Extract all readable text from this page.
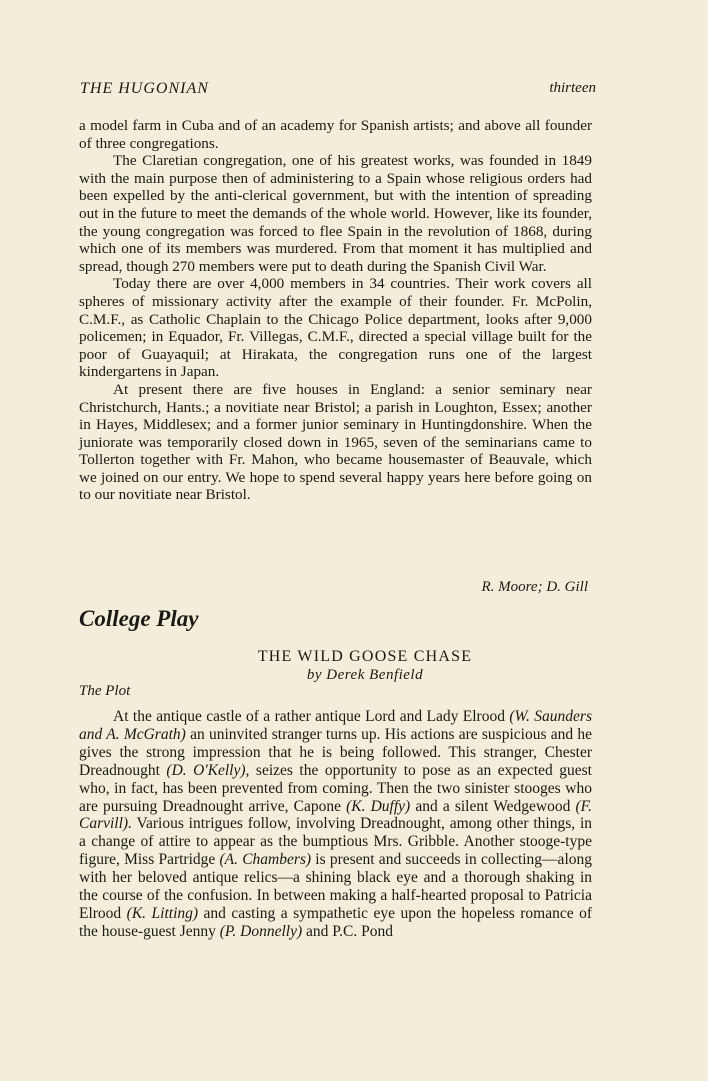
THE HUGONIAN	thirteen

a model farm in Cuba and of an academy for Spanish artists; and above all founder of three congregations.

The Claretian congregation, one of his greatest works, was founded in 1849 with the main purpose then of administering to a Spain whose religious orders had been expelled by the anti-clerical government, but with the intention of spreading out in the future to meet the demands of the whole world. However, like its founder, the young congregation was forced to flee Spain in the revolution of 1868, during which one of its members was murdered. From that moment it has multiplied and spread, though 270 members were put to death during the Spanish Civil War.

Today there are over 4,000 members in 34 countries. Their work covers all spheres of missionary activity after the example of their founder. Fr. McPolin, C.M.F., as Catholic Chaplain to the Chicago Police department, looks after 9,000 policemen; in Equador, Fr. Villegas, C.M.F., directed a special village built for the poor of Guayaquil; at Hirakata, the congregation runs one of the largest kindergartens in Japan.

At present there are five houses in England: a senior seminary near Christchurch, Hants.; a novitiate near Bristol; a parish in Loughton, Essex; another in Hayes, Middlesex; and a former junior seminary in Huntingdonshire. When the juniorate was temporarily closed down in 1965, seven of the seminarians came to Tollerton together with Fr. Mahon, who became housemaster of Beauvale, which we joined on our entry. We hope to spend several happy years here before going on to our novitiate near Bristol.

R. Moore; D. Gill
College Play
THE WILD GOOSE CHASE
by Derek Benfield
The Plot

At the antique castle of a rather antique Lord and Lady Elrood (W. Saunders and A. McGrath) an uninvited stranger turns up. His actions are suspicious and he gives the strong impression that he is being followed. This stranger, Chester Dreadnought (D. O'Kelly), seizes the opportunity to pose as an expected guest who, in fact, has been prevented from coming. Then the two sinister stooges who are pursuing Dreadnought arrive, Capone (K. Duffy) and a silent Wedgewood (F. Carvill). Various intrigues follow, involving Dreadnought, among other things, in a change of attire to appear as the bumptious Mrs. Gribble. Another stooge-type figure, Miss Partridge (A. Chambers) is present and succeeds in collecting—along with her beloved antique relics—a shining black eye and a thorough shaking in the course of the confusion. In between making a half-hearted proposal to Patricia Elrood (K. Litting) and casting a sympathetic eye upon the hopeless romance of the house-guest Jenny (P. Donnelly) and P.C. Pond
